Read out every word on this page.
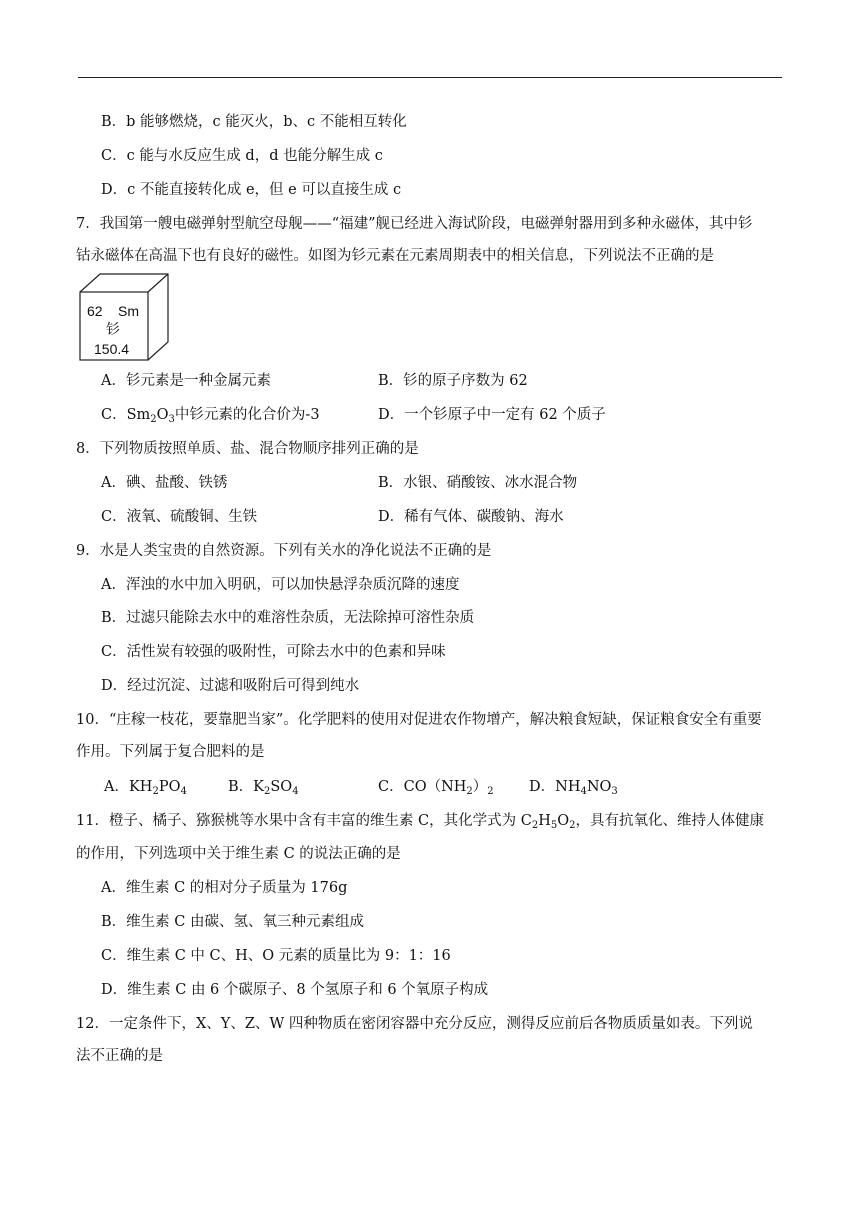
B．b 能够燃烧，c 能灭火，b、c 不能相互转化
C．c 能与水反应生成 d，d 也能分解生成 c
D．c 不能直接转化成 e，但 e 可以直接生成 c
7．我国第一艘电磁弹射型航空母舰——“福建”舰已经进入海试阶段，电磁弹射器用到多种永磁体，其中钐
钴永磁体在高温下也有良好的磁性。如图为钐元素在元素周期表中的相关信息，下列说法不正确的是
62 Sm
钐
150.4
A．钐元素是一种金属元素	B．钐的原子序数为 62
C．$Sm_2O_3$中钐元素的化合价为-3	D．一个钐原子中一定有 62 个质子
8．下列物质按照单质、盐、混合物顺序排列正确的是
A．碘、盐酸、铁锈	B．水银、硝酸铵、冰水混合物
C．液氧、硫酸铜、生铁	D．稀有气体、碳酸钠、海水
9．水是人类宝贵的自然资源。下列有关水的净化说法不正确的是
A．浑浊的水中加入明矾，可以加快悬浮杂质沉降的速度
B．过滤只能除去水中的难溶性杂质，无法除掉可溶性杂质
C．活性炭有较强的吸附性，可除去水中的色素和异味
D．经过沉淀、过滤和吸附后可得到纯水
10．“庄稼一枝花，要靠肥当家”。化学肥料的使用对促进农作物增产，解决粮食短缺，保证粮食安全有重要
作用。下列属于复合肥料的是
A．$KH_2PO_4$	B．$K_2SO_4$	C．$CO(NH_2)_2$ D．$NH_4NO_3$
11．橙子、橘子、猕猴桃等水果中含有丰富的维生素 C，其化学式为 $C_2H_5O_2$，具有抗氧化、维持人体健康
的作用，下列选项中关于维生素 C 的说法正确的是
A．维生素 C 的相对分子质量为 176g
B．维生素 C 由碳、氢、氧三种元素组成
C．维生素 C 中 C、H、O 元素的质量比为 9：1：16
D．维生素 C 由 6 个碳原子、8 个氢原子和 6 个氧原子构成
12．一定条件下，X、Y、Z、W 四种物质在密闭容器中充分反应，测得反应前后各物质质量如表。下列说
法不正确的是
